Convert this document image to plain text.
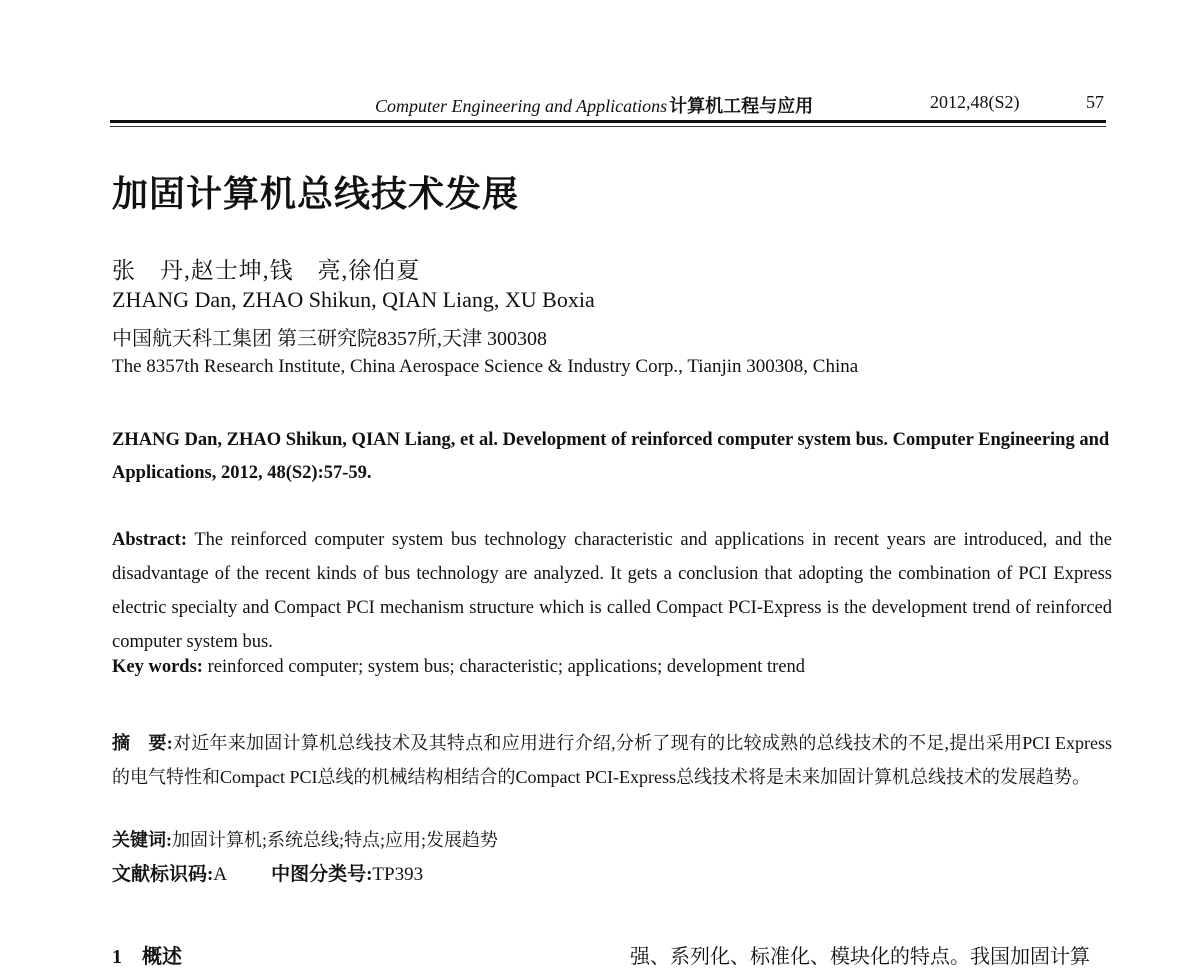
Computer Engineering and Applications 计算机工程与应用	2012,48(S2)	57
加固计算机总线技术发展
张　丹,赵士坤,钱　亮,徐伯夏
ZHANG Dan, ZHAO Shikun, QIAN Liang, XU Boxia
中国航天科工集团 第三研究院8357所,天津 300308
The 8357th Research Institute, China Aerospace Science & Industry Corp., Tianjin 300308, China
ZHANG Dan, ZHAO Shikun, QIAN Liang, et al. Development of reinforced computer system bus. Computer Engineering and Applications, 2012, 48(S2):57-59.
Abstract: The reinforced computer system bus technology characteristic and applications in recent years are introduced, and the disadvantage of the recent kinds of bus technology are analyzed. It gets a conclusion that adopting the combination of PCI Express electric specialty and Compact PCI mechanism structure which is called Compact PCI-Express is the development trend of reinforced computer system bus.
Key words: reinforced computer; system bus; characteristic; applications; development trend
摘　要:对近年来加固计算机总线技术及其特点和应用进行介绍,分析了现有的比较成熟的总线技术的不足,提出采用PCI Express的电气特性和Compact PCI总线的机械结构相结合的Compact PCI-Express总线技术将是未来加固计算机总线技术的发展趋势。
关键词:加固计算机;系统总线;特点;应用;发展趋势
文献标识码:A 中图分类号:TP393
1　概述	强、系列化、标准化、模块化的特点。我国加固计算
